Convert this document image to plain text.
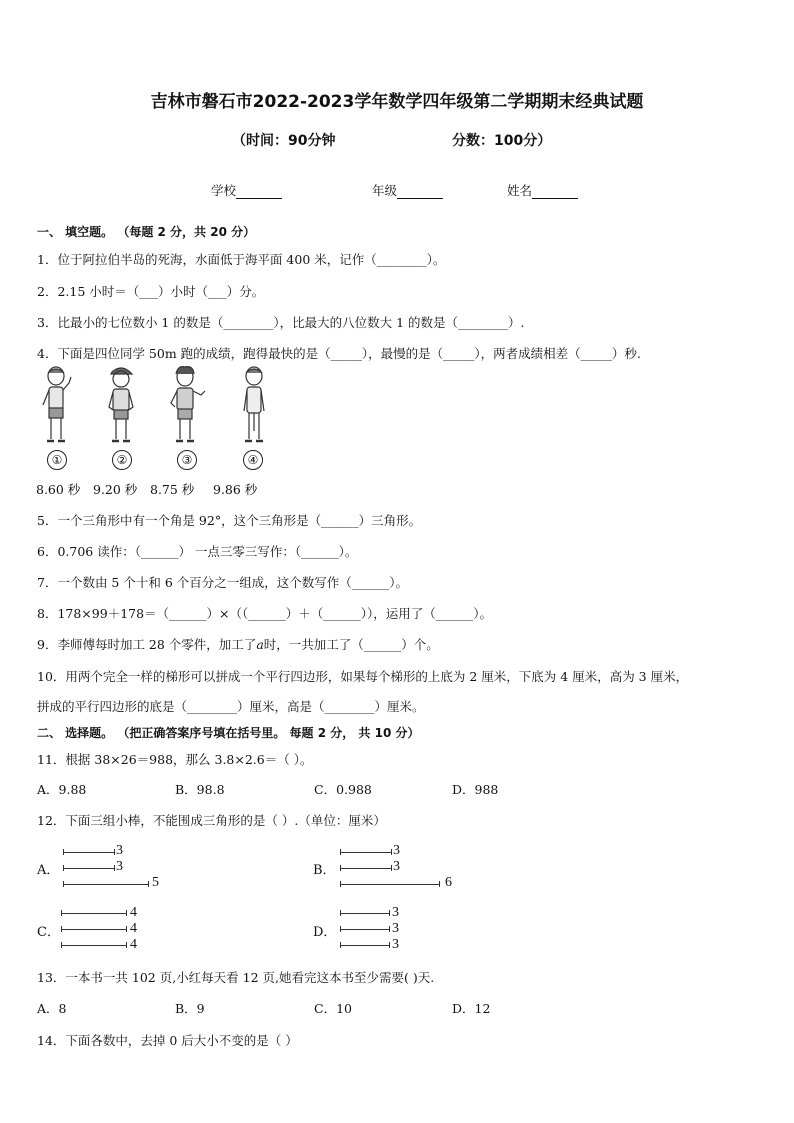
吉林市磐石市2022-2023学年数学四年级第二学期期末经典试题
（时间：90分钟	分数：100分）
学校	年级	姓名
一、 填空题。 （每题 2 分，共 20 分）
1．位于阿拉伯半岛的死海，水面低于海平面 400 米，记作（________）。
2．2.15 小时＝（___）小时（___）分。
3．比最小的七位数小 1 的数是（________），比最大的八位数大 1 的数是（________）.
4．下面是四位同学 50m 跑的成绩，跑得最快的是（_____），最慢的是（_____），两者成绩相差（_____）秒.
①	②	③	④
8.60 秒 9.20 秒 8.75 秒 9.86 秒
5．一个三角形中有一个角是 92°，这个三角形是（______）三角形。
6．0.706 读作：（______） 一点三零三写作：（______）。
7．一个数由 5 个十和 6 个百分之一组成，这个数写作（______）。
8．178×99＋178＝（______）×（（______）＋（______）），运用了（______）。
9．李师傅每时加工 28 个零件，加工了a时，一共加工了（______）个。
10．用两个完全一样的梯形可以拼成一个平行四边形，如果每个梯形的上底为 2 厘米，下底为 4 厘米，高为 3 厘米，
拼成的平行四边形的底是（________）厘米，高是（________）厘米。
二、 选择题。 （把正确答案序号填在括号里。 每题 2 分， 共 10 分）
11．根据 38×26＝988，那么 3.8×2.6＝（ ）。
A．9.88	B．98.8	C．0.988	D．988
12．下面三组小棒，不能围成三角形的是（ ）.（单位：厘米）
A．
3
3
5
B．
3
3
6
C．
4
4
4
D．
3
3
3
13．一本书一共 102 页,小红每天看 12 页,她看完这本书至少需要( )天.
A．8	B．9	C．10	D．12
14．下面各数中，去掉 0 后大小不变的是（ ）
